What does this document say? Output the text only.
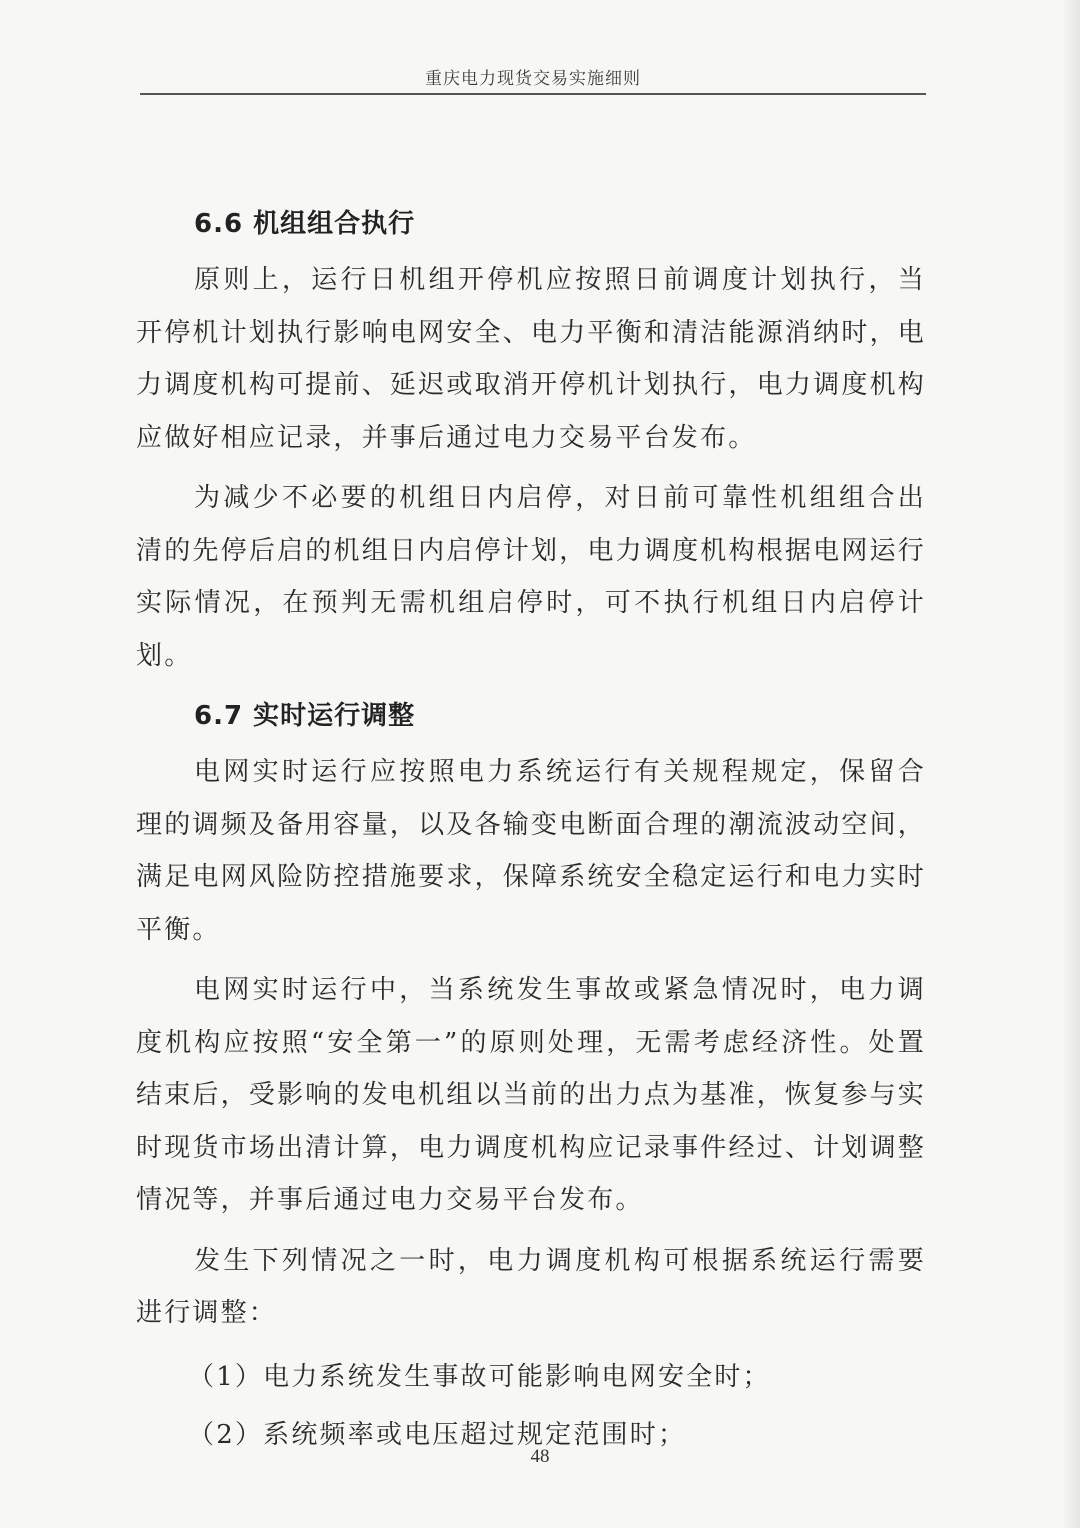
重庆电力现货交易实施细则
6.6 机组组合执行

原则上，运行日机组开停机应按照日前调度计划执行，当开停机计划执行影响电网安全、电力平衡和清洁能源消纳时，电力调度机构可提前、延迟或取消开停机计划执行，电力调度机构应做好相应记录，并事后通过电力交易平台发布。

为减少不必要的机组日内启停，对日前可靠性机组组合出清的先停后启的机组日内启停计划，电力调度机构根据电网运行实际情况，在预判无需机组启停时，可不执行机组日内启停计划。

6.7 实时运行调整

电网实时运行应按照电力系统运行有关规程规定，保留合理的调频及备用容量，以及各输变电断面合理的潮流波动空间，满足电网风险防控措施要求，保障系统安全稳定运行和电力实时平衡。

电网实时运行中，当系统发生事故或紧急情况时，电力调度机构应按照“安全第一”的原则处理，无需考虑经济性。处置结束后，受影响的发电机组以当前的出力点为基准，恢复参与实时现货市场出清计算，电力调度机构应记录事件经过、计划调整情况等，并事后通过电力交易平台发布。

发生下列情况之一时，电力调度机构可根据系统运行需要进行调整：

（1）电力系统发生事故可能影响电网安全时；

（2）系统频率或电压超过规定范围时；

48
